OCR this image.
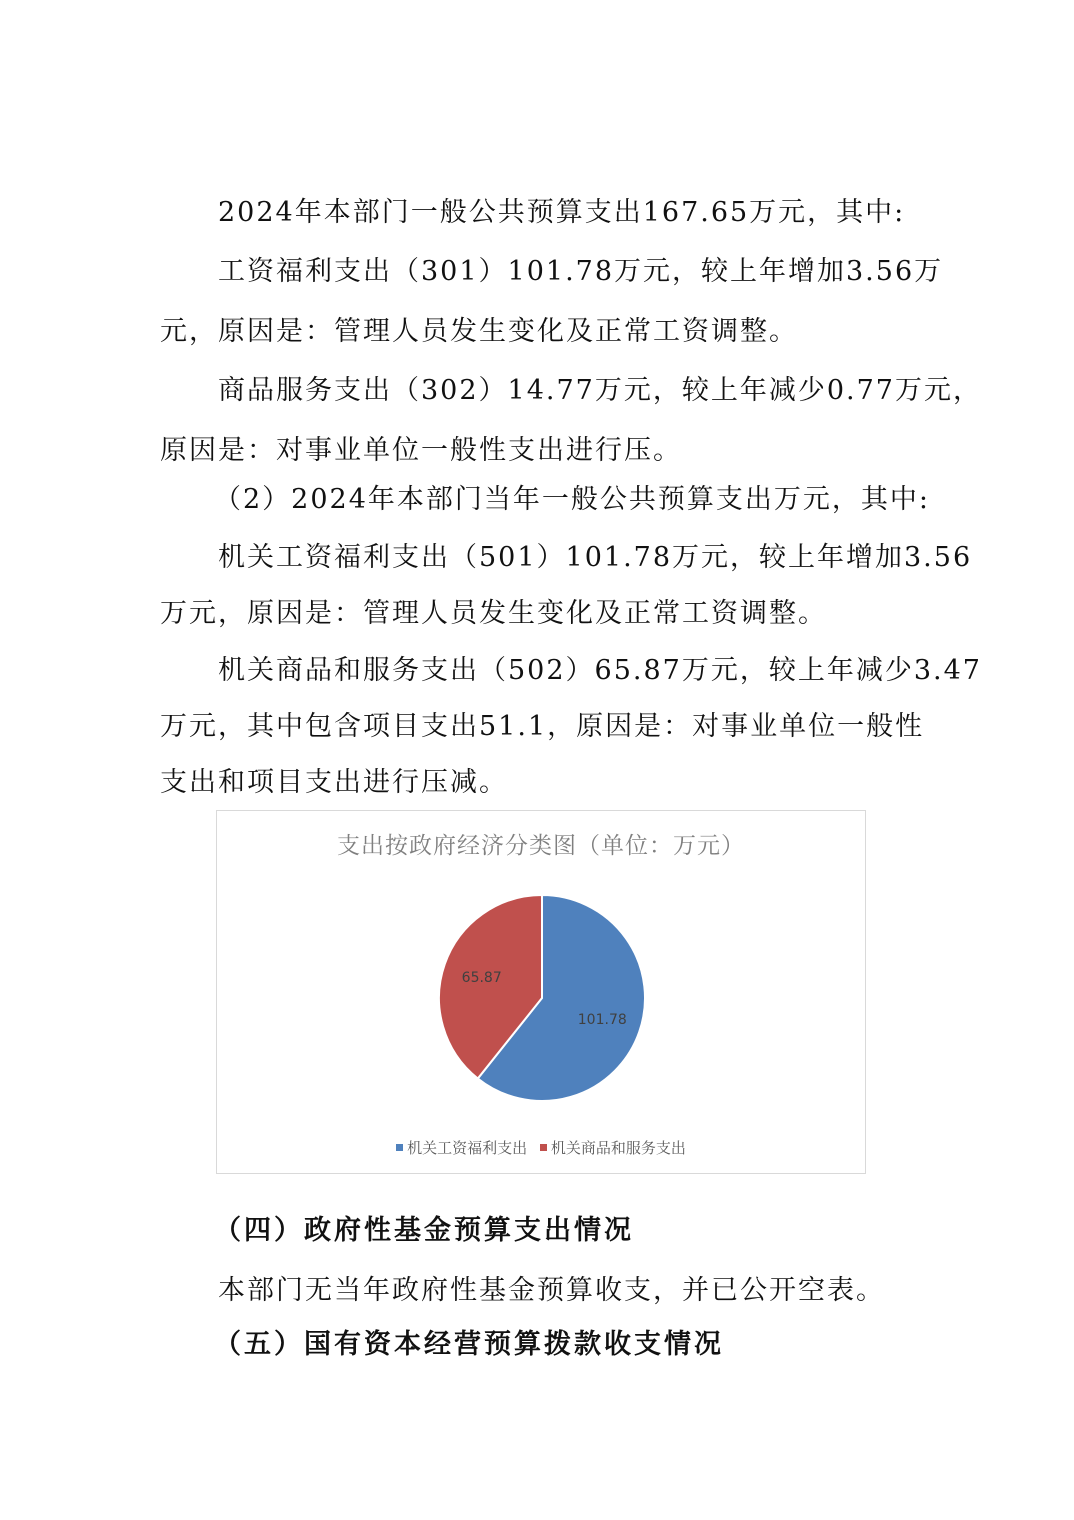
2024年本部门一般公共预算支出167.65万元，其中:
工资福利支出（301）101.78万元，较上年增加3.56万
元，原因是：管理人员发生变化及正常工资调整。
商品服务支出（302）14.77万元，较上年减少0.77万元，
原因是：对事业单位一般性支出进行压。
（2）2024年本部门当年一般公共预算支出万元，其中:
机关工资福利支出（501）101.78万元，较上年增加3.56
万元，原因是：管理人员发生变化及正常工资调整。
机关商品和服务支出（502）65.87万元，较上年减少3.47
万元，其中包含项目支出51.1，原因是：对事业单位一般性
支出和项目支出进行压减。
支出按政府经济分类图（单位：万元）
101.78
65.87
机关工资福利支出 机关商品和服务支出
（四）政府性基金预算支出情况
本部门无当年政府性基金预算收支，并已公开空表。
（五）国有资本经营预算拨款收支情况
